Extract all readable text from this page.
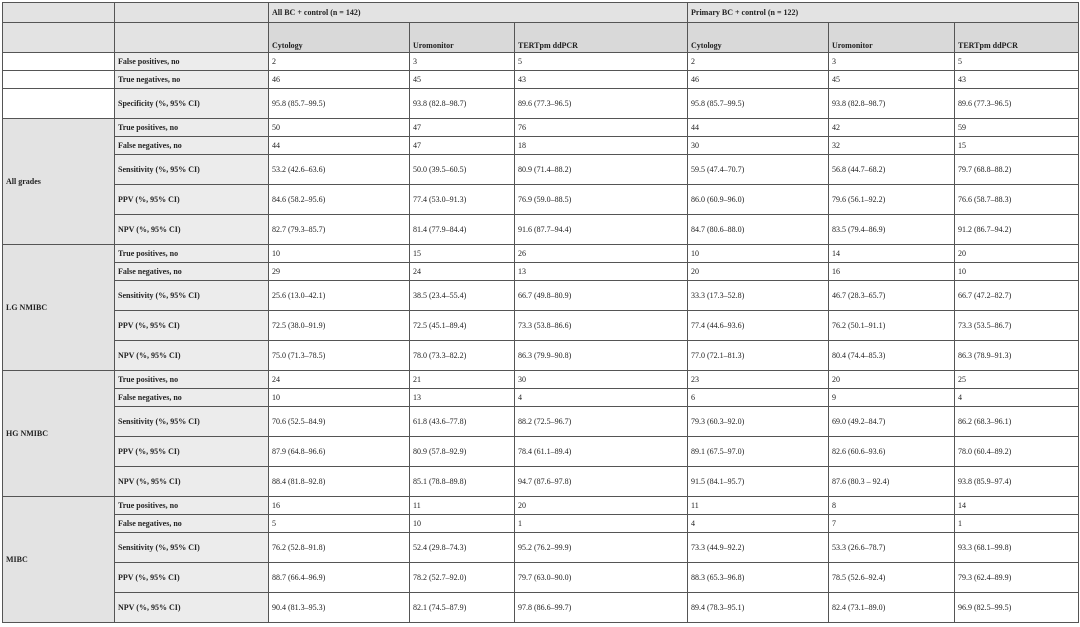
		All BC + control (n = 142)			Primary BC + control (n = 122)		
		Cytology	Uromonitor	TERTpm ddPCR	Cytology	Uromonitor	TERTpm ddPCR
	False positives, no	2	3	5	2	3	5
	True negatives, no	46	45	43	46	45	43
	Specificity (%, 95% CI)	95.8 (85.7–99.5)	93.8 (82.8–98.7)	89.6 (77.3–96.5)	95.8 (85.7–99.5)	93.8 (82.8–98.7)	89.6 (77.3–96.5)
All grades	True positives, no	50	47	76	44	42	59
	False negatives, no	44	47	18	30	32	15
	Sensitivity (%, 95% CI)	53.2 (42.6–63.6)	50.0 (39.5–60.5)	80.9 (71.4–88.2)	59.5 (47.4–70.7)	56.8 (44.7–68.2)	79.7 (68.8–88.2)
	PPV (%, 95% CI)	84.6 (58.2–95.6)	77.4 (53.0–91.3)	76.9 (59.0–88.5)	86.0 (60.9–96.0)	79.6 (56.1–92.2)	76.6 (58.7–88.3)
	NPV (%, 95% CI)	82.7 (79.3–85.7)	81.4 (77.9–84.4)	91.6 (87.7–94.4)	84.7 (80.6–88.0)	83.5 (79.4–86.9)	91.2 (86.7–94.2)
LG NMIBC	True positives, no	10	15	26	10	14	20
	False negatives, no	29	24	13	20	16	10
	Sensitivity (%, 95% CI)	25.6 (13.0–42.1)	38.5 (23.4–55.4)	66.7 (49.8–80.9)	33.3 (17.3–52.8)	46.7 (28.3–65.7)	66.7 (47.2–82.7)
	PPV (%, 95% CI)	72.5 (38.0–91.9)	72.5 (45.1–89.4)	73.3 (53.8–86.6)	77.4 (44.6–93.6)	76.2 (50.1–91.1)	73.3 (53.5–86.7)
	NPV (%, 95% CI)	75.0 (71.3–78.5)	78.0 (73.3–82.2)	86.3 (79.9–90.8)	77.0 (72.1–81.3)	80.4 (74.4–85.3)	86.3 (78.9–91.3)
HG NMIBC	True positives, no	24	21	30	23	20	25
	False negatives, no	10	13	4	6	9	4
	Sensitivity (%, 95% CI)	70.6 (52.5–84.9)	61.8 (43.6–77.8)	88.2 (72.5–96.7)	79.3 (60.3–92.0)	69.0 (49.2–84.7)	86.2 (68.3–96.1)
	PPV (%, 95% CI)	87.9 (64.8–96.6)	80.9 (57.8–92.9)	78.4 (61.1–89.4)	89.1 (67.5–97.0)	82.6 (60.6–93.6)	78.0 (60.4–89.2)
	NPV (%, 95% CI)	88.4 (81.8–92.8)	85.1 (78.8–89.8)	94.7 (87.6–97.8)	91.5 (84.1–95.7)	87.6 (80.3 – 92.4)	93.8 (85.9–97.4)
MIBC	True positives, no	16	11	20	11	8	14
	False negatives, no	5	10	1	4	7	1
	Sensitivity (%, 95% CI)	76.2 (52.8–91.8)	52.4 (29.8–74.3)	95.2 (76.2–99.9)	73.3 (44.9–92.2)	53.3 (26.6–78.7)	93.3 (68.1–99.8)
	PPV (%, 95% CI)	88.7 (66.4–96.9)	78.2 (52.7–92.0)	79.7 (63.0–90.0)	88.3 (65.3–96.8)	78.5 (52.6–92.4)	79.3 (62.4–89.9)
	NPV (%, 95% CI)	90.4 (81.3–95.3)	82.1 (74.5–87.9)	97.8 (86.6–99.7)	89.4 (78.3–95.1)	82.4 (73.1–89.0)	96.9 (82.5–99.5)
